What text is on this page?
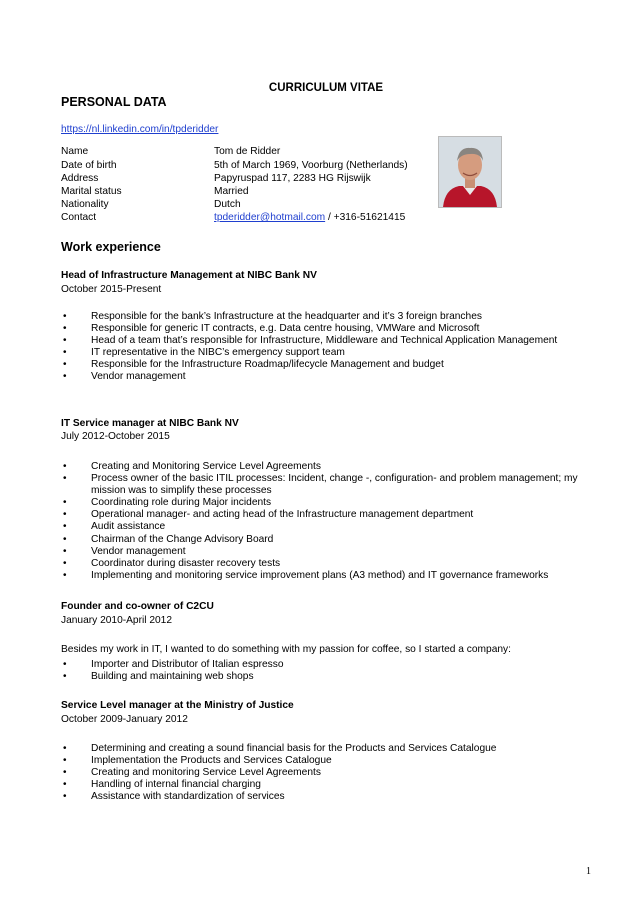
CURRICULUM VITAE
PERSONAL DATA
https://nl.linkedin.com/in/tpderidder
Name	Tom de Ridder
Date of birth	5th of March 1969, Voorburg (Netherlands)
Address	Papyruspad 117, 2283 HG Rijswijk
Marital status	Married
Nationality	Dutch
Contact	tpderidder@hotmail.com / +316-51621415
Work experience
Head of Infrastructure Management at NIBC Bank NV
October 2015-Present
• Responsible for the bank’s Infrastructure at the headquarter and it’s 3 foreign branches
• Responsible for generic IT contracts, e.g. Data centre housing, VMWare and Microsoft
• Head of a team that’s responsible for Infrastructure, Middleware and Technical Application Management
• IT representative in the NIBC’s emergency support team
• Responsible for the Infrastructure Roadmap/lifecycle Management and budget
• Vendor management
IT Service manager at NIBC Bank NV
July 2012-October 2015
• Creating and Monitoring Service Level Agreements
• Process owner of the basic ITIL processes: Incident, change -, configuration- and problem management; my mission was to simplify these processes
• Coordinating role during Major incidents
• Operational manager- and acting head of the Infrastructure management department
• Audit assistance
• Chairman of the Change Advisory Board
• Vendor management
• Coordinator during disaster recovery tests
• Implementing and monitoring service improvement plans (A3 method) and IT governance frameworks
Founder and co-owner of C2CU
January 2010-April 2012
Besides my work in IT, I wanted to do something with my passion for coffee, so I started a company:
• Importer and Distributor of Italian espresso
• Building and maintaining web shops
Service Level manager at the Ministry of Justice
October 2009-January 2012
• Determining and creating a sound financial basis for the Products and Services Catalogue
• Implementation the Products and Services Catalogue
• Creating and monitoring Service Level Agreements
• Handling of internal financial charging
• Assistance with standardization of services
1
